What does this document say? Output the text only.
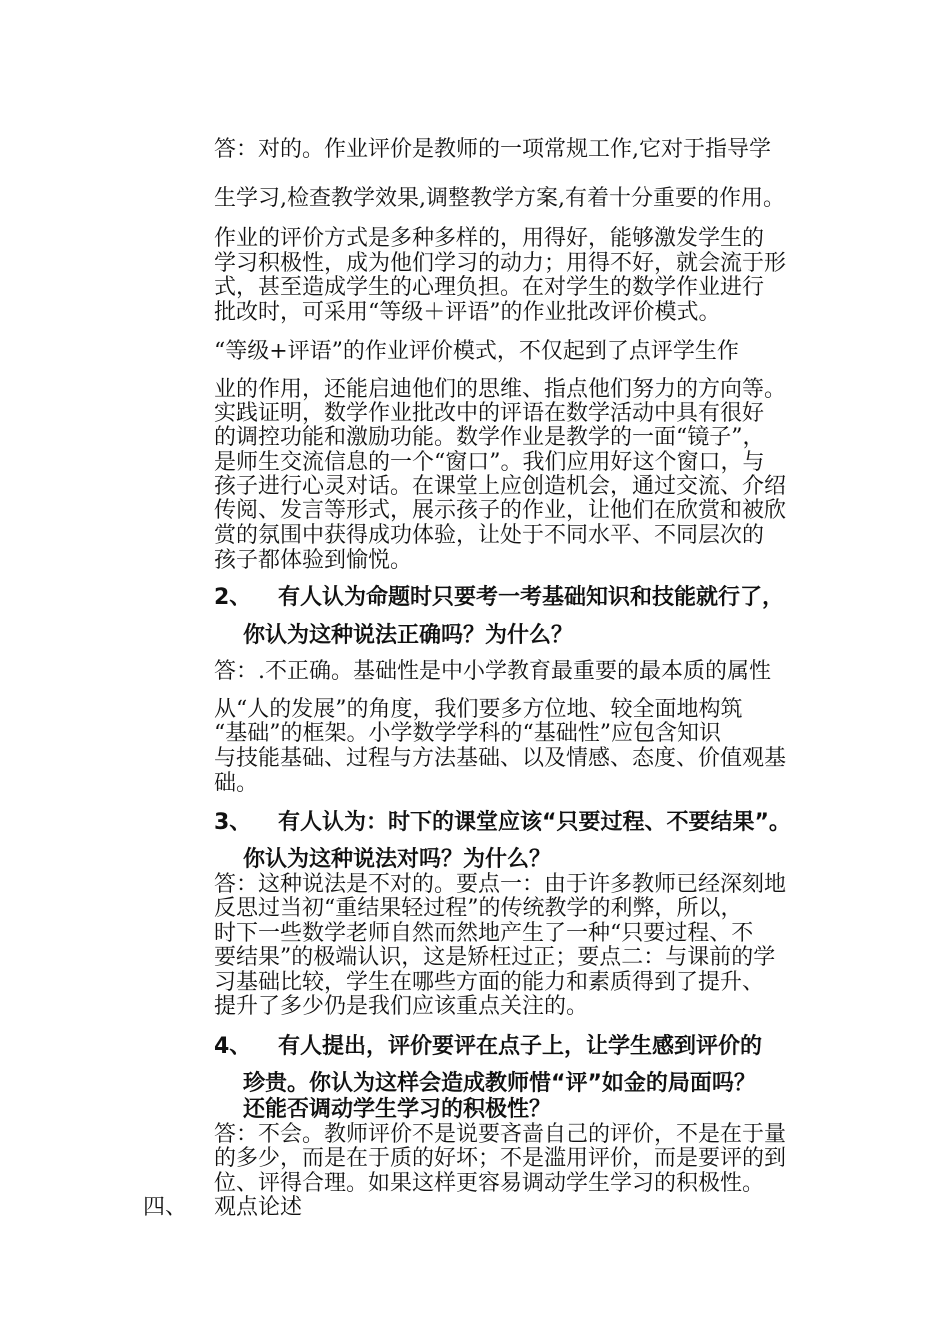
答：对的。作业评价是教师的一项常规工作,它对于指导学
生学习,检查教学效果,调整教学方案,有着十分重要的作用。
作业的评价方式是多种多样的，用得好，能够激发学生的
学习积极性，成为他们学习的动力；用得不好，就会流于形
式，甚至造成学生的心理负担。在对学生的数学作业进行
批改时，可采用“等级＋评语”的作业批改评价模式。
“等级+评语”的作业评价模式，不仅起到了点评学生作
业的作用，还能启迪他们的思维、指点他们努力的方向等。
实践证明，数学作业批改中的评语在数学活动中具有很好
的调控功能和激励功能。数学作业是教学的一面“镜子”，
是师生交流信息的一个“窗口”。我们应用好这个窗口，与
孩子进行心灵对话。在课堂上应创造机会，通过交流、介绍
传阅、发言等形式，展示孩子的作业，让他们在欣赏和被欣
赏的氛围中获得成功体验，让处于不同水平、不同层次的
孩子都体验到愉悦。
2、 有人认为命题时只要考一考基础知识和技能就行了，
你认为这种说法正确吗？为什么？
答：.不正确。基础性是中小学教育最重要的最本质的属性
从“人的发展”的角度，我们要多方位地、较全面地构筑
“基础”的框架。小学数学学科的“基础性”应包含知识
与技能基础、过程与方法基础、以及情感、态度、价值观基
础。
3、 有人认为：时下的课堂应该“只要过程、不要结果”。
你认为这种说法对吗？为什么？
答：这种说法是不对的。要点一：由于许多教师已经深刻地
反思过当初“重结果轻过程”的传统教学的利弊，所以，
时下一些数学老师自然而然地产生了一种“只要过程、不
要结果”的极端认识，这是矫枉过正；要点二：与课前的学
习基础比较，学生在哪些方面的能力和素质得到了提升、
提升了多少仍是我们应该重点关注的。
4、 有人提出，评价要评在点子上，让学生感到评价的
珍贵。你认为这样会造成教师惜“评”如金的局面吗？
还能否调动学生学习的积极性？
答：不会。教师评价不是说要吝啬自己的评价，不是在于量
的多少，而是在于质的好坏；不是滥用评价，而是要评的到
位、评得合理。如果这样更容易调动学生学习的积极性。
四、 观点论述
